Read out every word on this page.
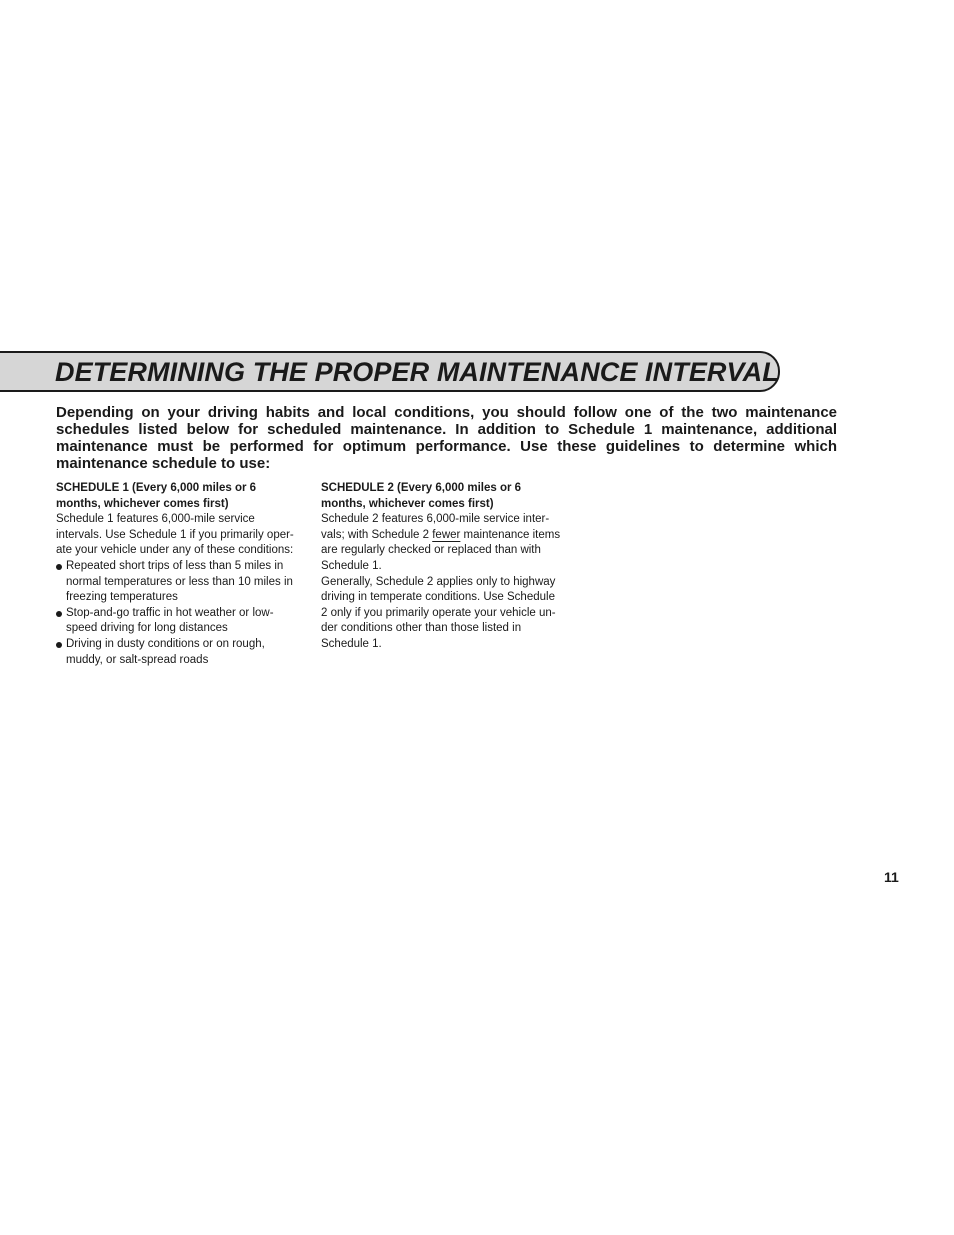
DETERMINING THE PROPER MAINTENANCE INTERVAL

Depending on your driving habits and local conditions, you should follow one of the two maintenance schedules listed below for scheduled maintenance. In addition to Schedule 1 maintenance, additional maintenance must be performed for optimum performance. Use these guidelines to determine which maintenance schedule to use:

SCHEDULE 1 (Every 6,000 miles or 6
months, whichever comes first)

Schedule 1 features 6,000-mile service
intervals. Use Schedule 1 if you primarily oper-
ate your vehicle under any of these conditions:

Repeated short trips of less than 5 miles in
normal temperatures or less than 10 miles in
freezing temperatures
Stop-and-go traffic in hot weather or low-
speed driving for long distances
Driving in dusty conditions or on rough,
muddy, or salt-spread roads

SCHEDULE 2 (Every 6,000 miles or 6
months, whichever comes first)

Schedule 2 features 6,000-mile service inter-
vals; with Schedule 2 fewer maintenance items
are regularly checked or replaced than with
Schedule 1.

Generally, Schedule 2 applies only to highway
driving in temperate conditions. Use Schedule
2 only if you primarily operate your vehicle un-
der conditions other than those listed in
Schedule 1.

11
